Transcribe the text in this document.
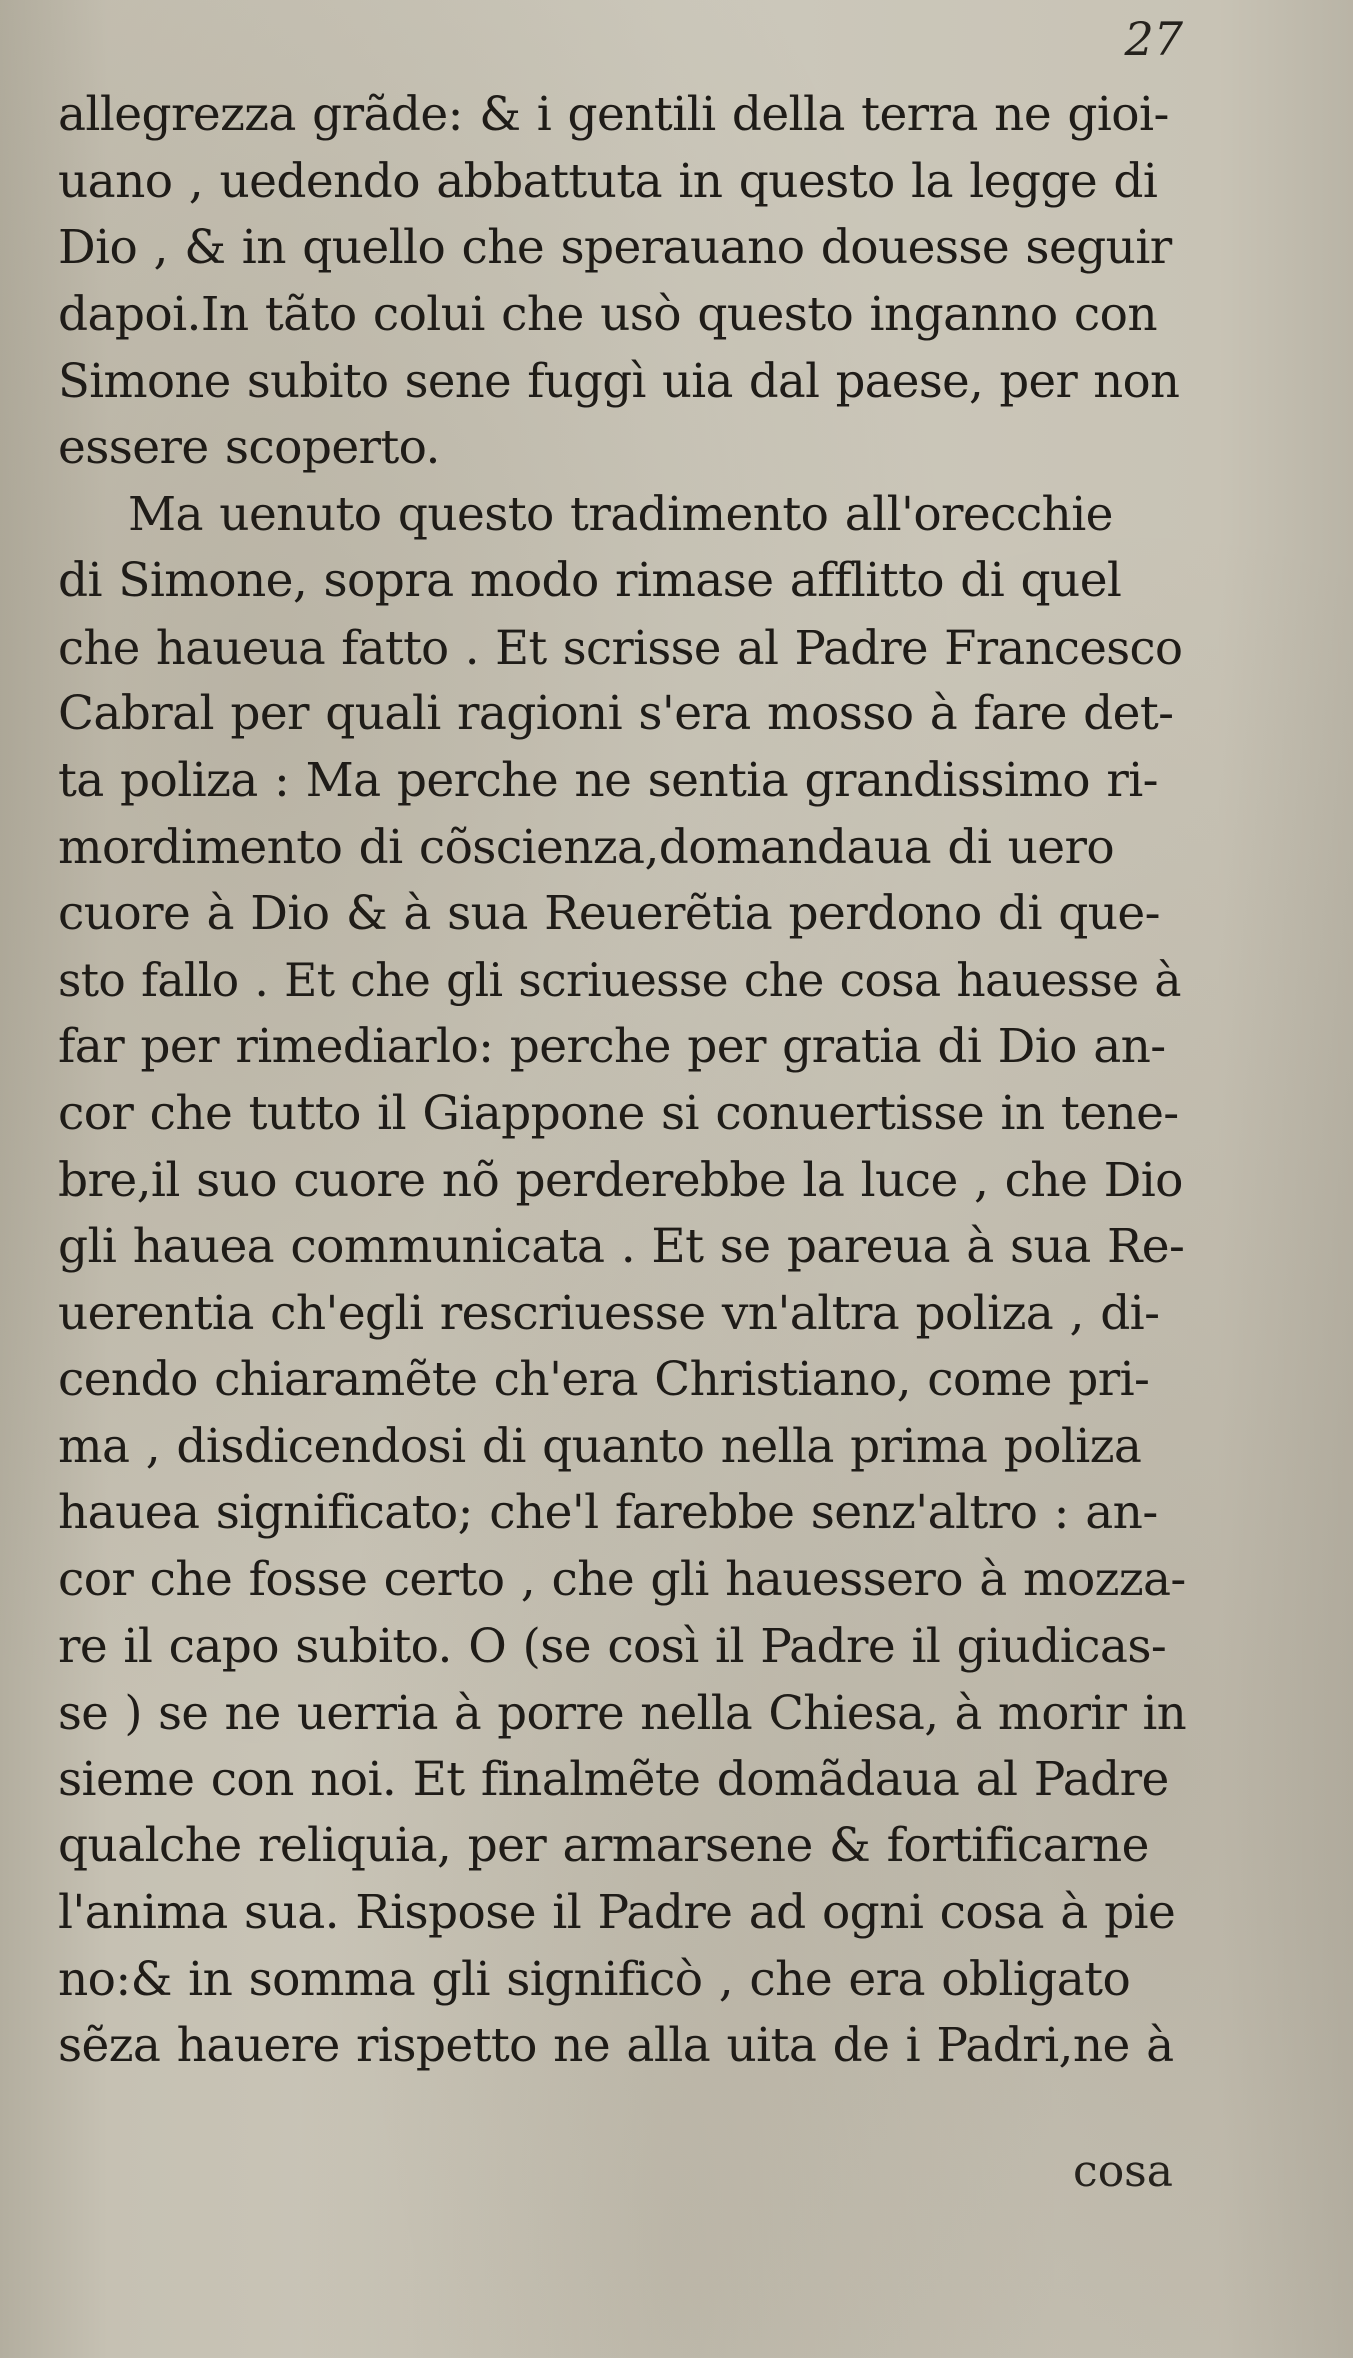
27
allegrezza grãde: & i gentili della terra ne gioi-
uano , uedendo abbattuta in questo la legge di
Dio , & in quello che sperauano douesse seguir
dapoi.In tãto colui che usò questo inganno con
Simone subito sene fuggì uia dal paese, per non
essere scoperto.
Ma uenuto questo tradimento all'orecchie
di Simone, sopra modo rimase afflitto di quel
che haueua fatto . Et scrisse al Padre Francesco
Cabral per quali ragioni s'era mosso à fare det-
ta poliza : Ma perche ne sentia grandissimo ri-
mordimento di cõscienza,domandaua di uero
cuore à Dio & à sua Reuerẽtia perdono di que-
sto fallo . Et che gli scriuesse che cosa hauesse à
far per rimediarlo: perche per gratia di Dio an-
cor che tutto il Giappone si conuertisse in tene-
bre,il suo cuore nõ perderebbe la luce , che Dio
gli hauea communicata . Et se pareua à sua Re-
uerentia ch'egli rescriuesse vn'altra poliza , di-
cendo chiaramẽte ch'era Christiano, come pri-
ma , disdicendosi di quanto nella prima poliza
hauea significato; che'l farebbe senz'altro : an-
cor che fosse certo , che gli hauessero à mozza-
re il capo subito. O (se così il Padre il giudicas-
se ) se ne uerria à porre nella Chiesa, à morir in
sieme con noi. Et finalmẽte domãdaua al Padre
qualche reliquia, per armarsene & fortificarne
l'anima sua. Rispose il Padre ad ogni cosa à pie
no:& in somma gli significò , che era obligato
sẽza hauere rispetto ne alla uita de i Padri,ne à
cosa
